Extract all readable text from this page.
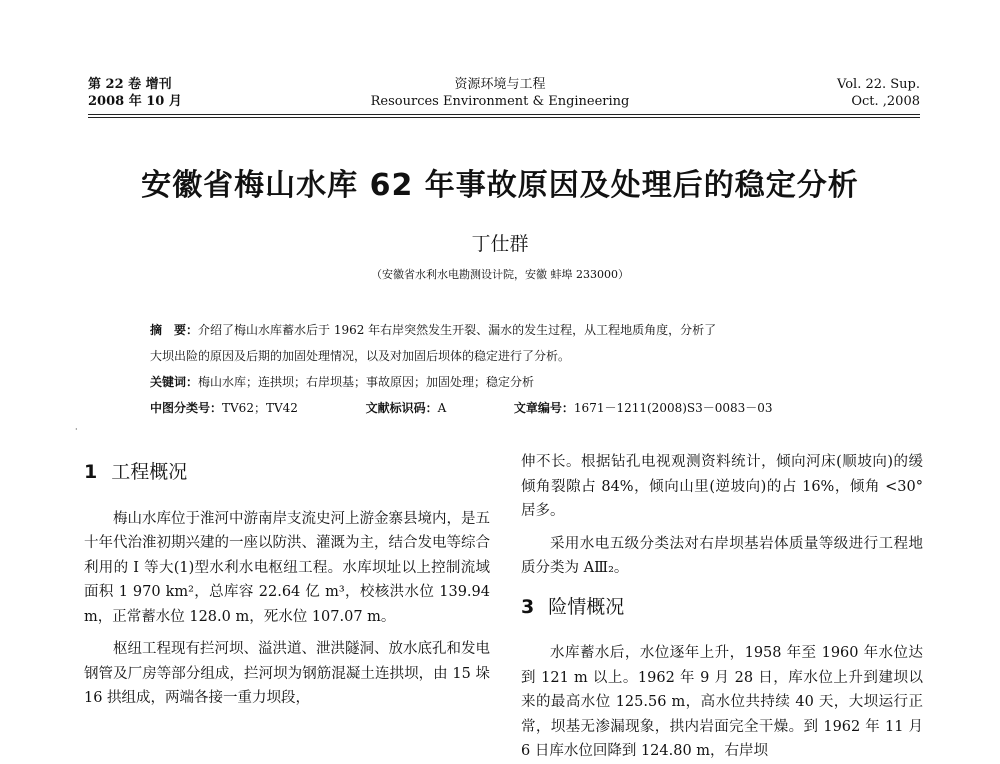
第 22 卷 增刊
2008 年 10 月
资源环境与工程
Resources Environment & Engineering
Vol. 22. Sup.
Oct. ,2008
安徽省梅山水库 62 年事故原因及处理后的稳定分析
丁仕群
（安徽省水利水电勘测设计院，安徽 蚌埠 233000）
摘　要：介绍了梅山水库蓄水后于 1962 年右岸突然发生开裂、漏水的发生过程，从工程地质角度，分析了
大坝出险的原因及后期的加固处理情况，以及对加固后坝体的稳定进行了分析。
关键词：梅山水库；连拱坝；右岸坝基；事故原因；加固处理；稳定分析
中图分类号：TV62；TV42	文献标识码：A	文章编号：1671－1211(2008)S3－0083－03
·
1 工程概况

梅山水库位于淮河中游南岸支流史河上游金寨县境内，是五十年代治淮初期兴建的一座以防洪、灌溉为主，结合发电等综合利用的 Ⅰ 等大(1)型水利水电枢纽工程。水库坝址以上控制流域面积 1 970 km²，总库容 22.64 亿 m³，校核洪水位 139.94 m，正常蓄水位 128.0 m，死水位 107.07 m。

枢纽工程现有拦河坝、溢洪道、泄洪隧洞、放水底孔和发电钢管及厂房等部分组成，拦河坝为钢筋混凝土连拱坝，由 15 垛 16 拱组成，两端各接一重力坝段，

伸不长。根据钻孔电视观测资料统计，倾向河床(顺坡向)的缓倾角裂隙占 84%，倾向山里(逆坡向)的占 16%，倾角 <30°居多。

采用水电五级分类法对右岸坝基岩体质量等级进行工程地质分类为 AⅢ₂。

3 险情概况

水库蓄水后，水位逐年上升，1958 年至 1960 年水位达到 121 m 以上。1962 年 9 月 28 日，库水位上升到建坝以来的最高水位 125.56 m，高水位共持续 40 天，大坝运行正常，坝基无渗漏现象，拱内岩面完全干燥。到 1962 年 11 月 6 日库水位回降到 124.80 m，右岸坝
